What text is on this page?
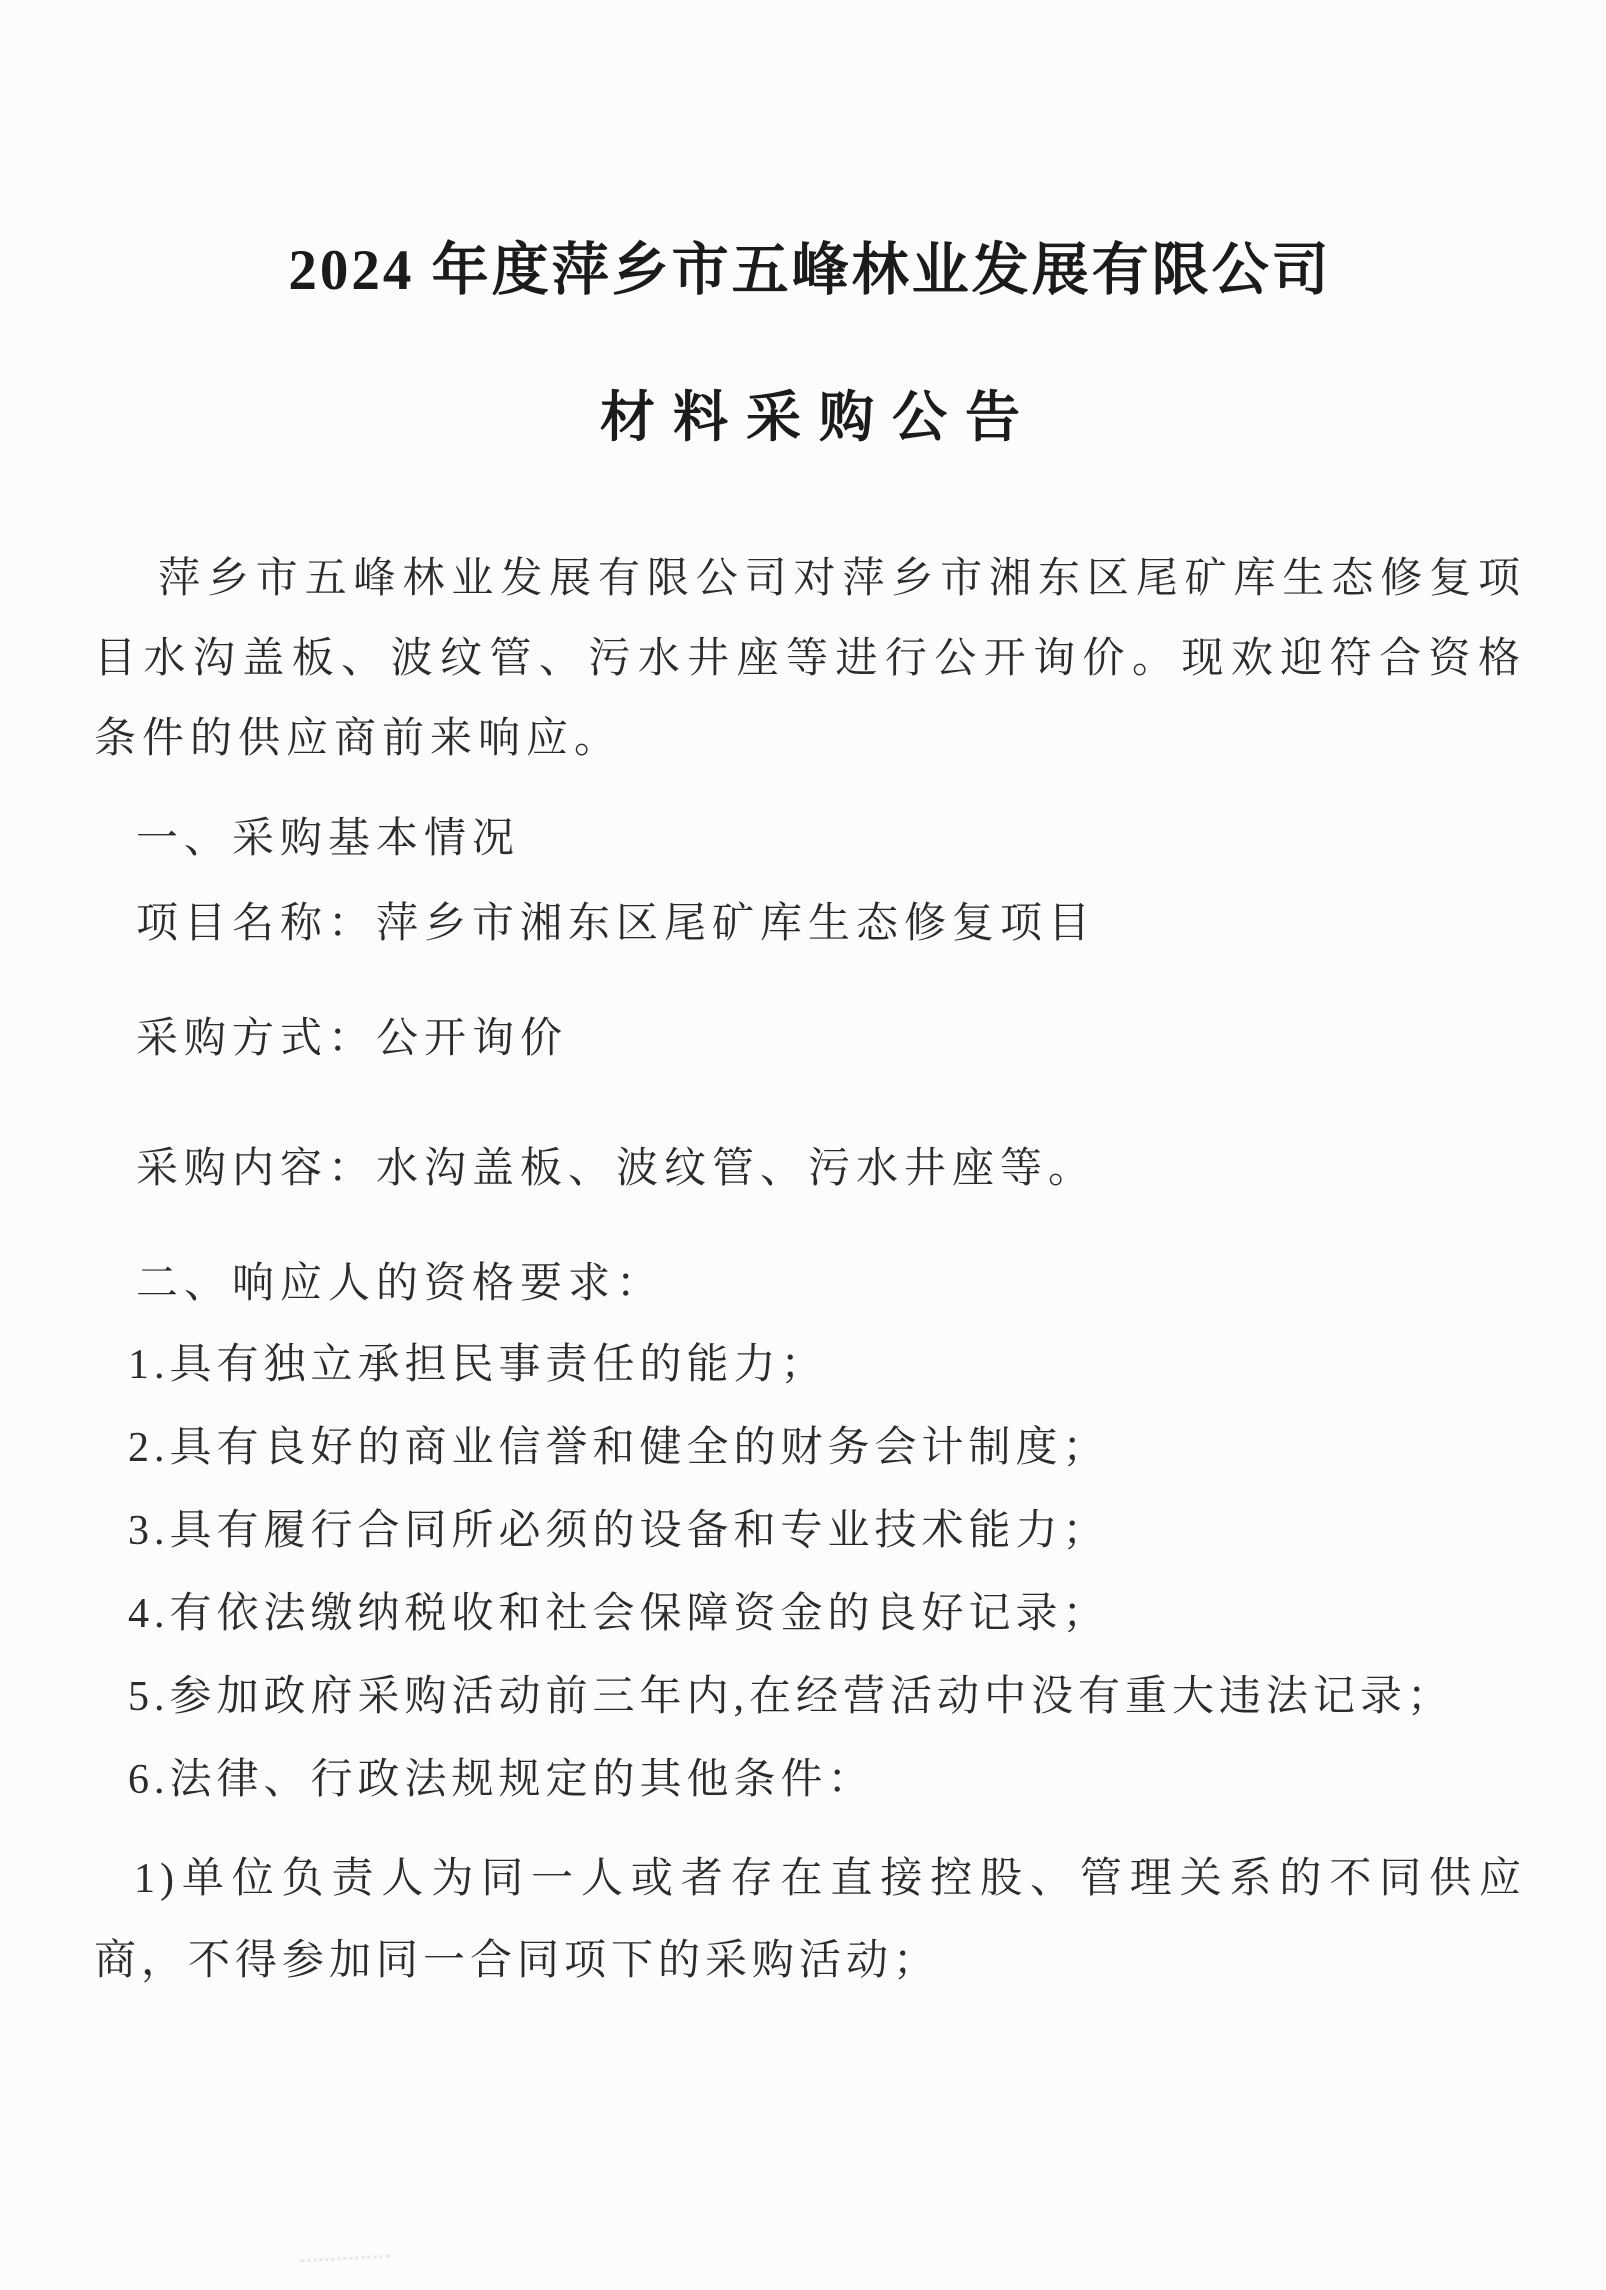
2024 年度萍乡市五峰林业发展有限公司
材料采购公告

萍乡市五峰林业发展有限公司对萍乡市湘东区尾矿库生态修复项目水沟盖板、波纹管、污水井座等进行公开询价。现欢迎符合资格条件的供应商前来响应。

一、采购基本情况

项目名称：萍乡市湘东区尾矿库生态修复项目

采购方式：公开询价

采购内容：水沟盖板、波纹管、污水井座等。

二、响应人的资格要求：

1.具有独立承担民事责任的能力；

2.具有良好的商业信誉和健全的财务会计制度；

3.具有履行合同所必须的设备和专业技术能力；

4.有依法缴纳税收和社会保障资金的良好记录；

5.参加政府采购活动前三年内,在经营活动中没有重大违法记录；

6.法律、行政法规规定的其他条件：

1)单位负责人为同一人或者存在直接控股、管理关系的不同供应商，不得参加同一合同项下的采购活动；
